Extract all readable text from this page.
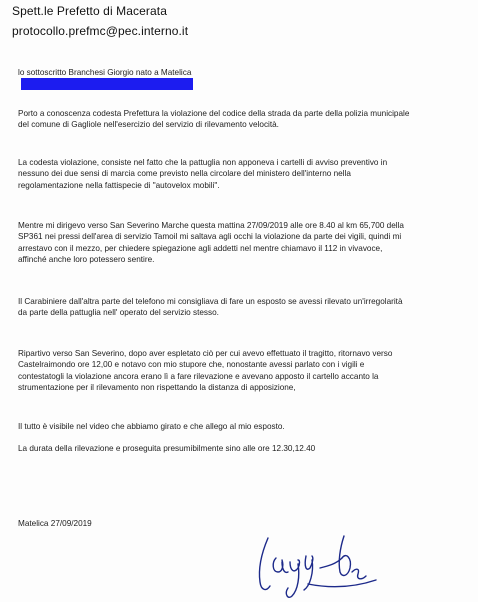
Spett.le Prefetto di Macerata
protocollo.prefmc@pec.interno.it
lo sottoscritto Branchesi Giorgio nato a Matelica
Porto a conoscenza codesta Prefettura la violazione del codice della strada da parte della polizia municipale
del comune di Gagliole nell'esercizio del servizio di rilevamento velocità.
La codesta violazione, consiste nel fatto che la pattuglia non apponeva i cartelli di avviso preventivo in
nessuno dei due sensi di marcia come previsto nella circolare del ministero dell'interno nella
regolamentazione nella fattispecie di "autovelox mobili".
Mentre mi dirigevo verso San Severino Marche questa mattina 27/09/2019 alle ore 8.40 al km 65,700 della
SP361 nei pressi dell'area di servizio Tamoil mi saltava agli occhi la violazione da parte dei vigili, quindi mi
arrestavo con il mezzo, per chiedere spiegazione agli addetti nel mentre chiamavo il 112 in vivavoce,
affinché anche loro potessero sentire.
Il Carabiniere dall'altra parte del telefono mi consigliava di fare un esposto se avessi rilevato un'irregolarità
da parte della pattuglia nell' operato del servizio stesso.
Ripartivo verso San Severino, dopo aver espletato ciò per cui avevo effettuato il tragitto, ritornavo verso
Castelraimondo ore 12,00 e notavo con mio stupore che, nonostante avessi parlato con i vigili e
contestatogli la violazione ancora erano lì a fare rilevazione e avevano apposto il cartello accanto la
strumentazione per il rilevamento non rispettando la distanza di apposizione,
Il tutto è visibile nel video che abbiamo girato e che allego al mio esposto.
La durata della rilevazione e proseguita presumibilmente sino alle ore 12.30,12.40
Matelica 27/09/2019
